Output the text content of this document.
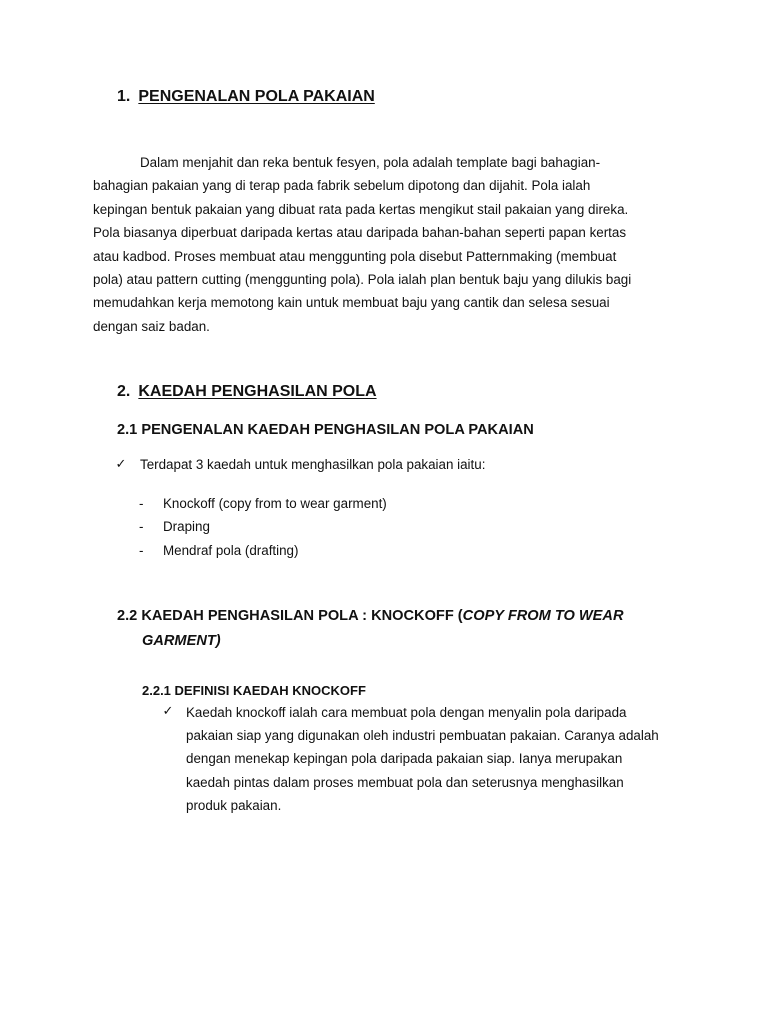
1. PENGENALAN POLA PAKAIAN
Dalam menjahit dan reka bentuk fesyen, pola adalah template bagi bahagian-
bahagian pakaian yang di terap pada fabrik sebelum dipotong dan dijahit. Pola ialah
kepingan bentuk pakaian yang dibuat rata pada kertas mengikut stail pakaian yang direka.
Pola biasanya diperbuat daripada kertas atau daripada bahan-bahan seperti papan kertas
atau kadbod. Proses membuat atau menggunting pola disebut Patternmaking (membuat
pola) atau pattern cutting (menggunting pola). Pola ialah plan bentuk baju yang dilukis bagi
memudahkan kerja memotong kain untuk membuat baju yang cantik dan selesa sesuai
dengan saiz badan.
2. KAEDAH PENGHASILAN POLA
2.1 PENGENALAN KAEDAH PENGHASILAN POLA PAKAIAN
✓ Terdapat 3 kaedah untuk menghasilkan pola pakaian iaitu:
- Knockoff (copy from to wear garment)
- Draping
- Mendraf pola (drafting)
2.2 KAEDAH PENGHASILAN POLA : KNOCKOFF (COPY FROM TO WEAR
GARMENT)
2.2.1 DEFINISI KAEDAH KNOCKOFF
✓ Kaedah knockoff ialah cara membuat pola dengan menyalin pola daripada
pakaian siap yang digunakan oleh industri pembuatan pakaian. Caranya adalah
dengan menekap kepingan pola daripada pakaian siap. Ianya merupakan
kaedah pintas dalam proses membuat pola dan seterusnya menghasilkan
produk pakaian.
